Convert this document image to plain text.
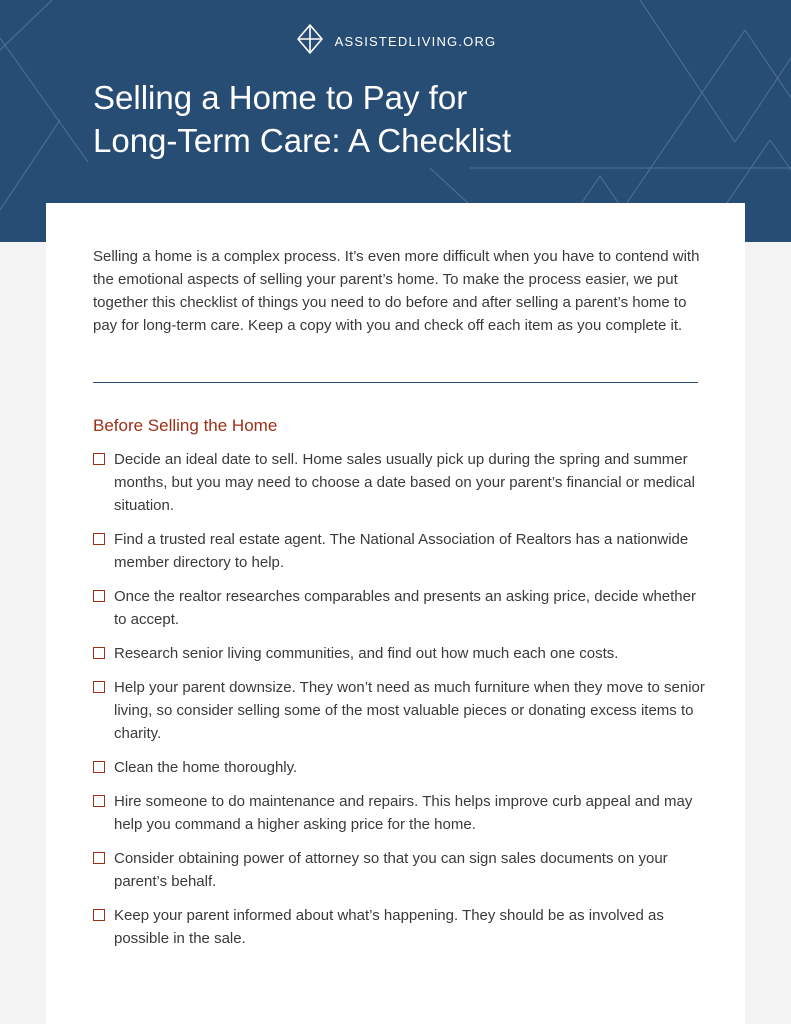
ASSISTEDLIVING.ORG
Selling a Home to Pay for
Long-Term Care: A Checklist

Selling a home is a complex process. It’s even more difficult when you have to contend with the emotional aspects of selling your parent’s home. To make the process easier, we put together this checklist of things you need to do before and after selling a parent’s home to pay for long-term care. Keep a copy with you and check off each item as you complete it.

Before Selling the Home
Decide an ideal date to sell. Home sales usually pick up during the spring and summer months, but you may need to choose a date based on your parent’s financial or medical situation.
Find a trusted real estate agent. The National Association of Realtors has a nationwide member directory to help.
Once the realtor researches comparables and presents an asking price, decide whether to accept.
Research senior living communities, and find out how much each one costs.
Help your parent downsize. They won’t need as much furniture when they move to senior living, so consider selling some of the most valuable pieces or donating excess items to charity.
Clean the home thoroughly.
Hire someone to do maintenance and repairs. This helps improve curb appeal and may help you command a higher asking price for the home.
Consider obtaining power of attorney so that you can sign sales documents on your parent’s behalf.
Keep your parent informed about what’s happening. They should be as involved as possible in the sale.
